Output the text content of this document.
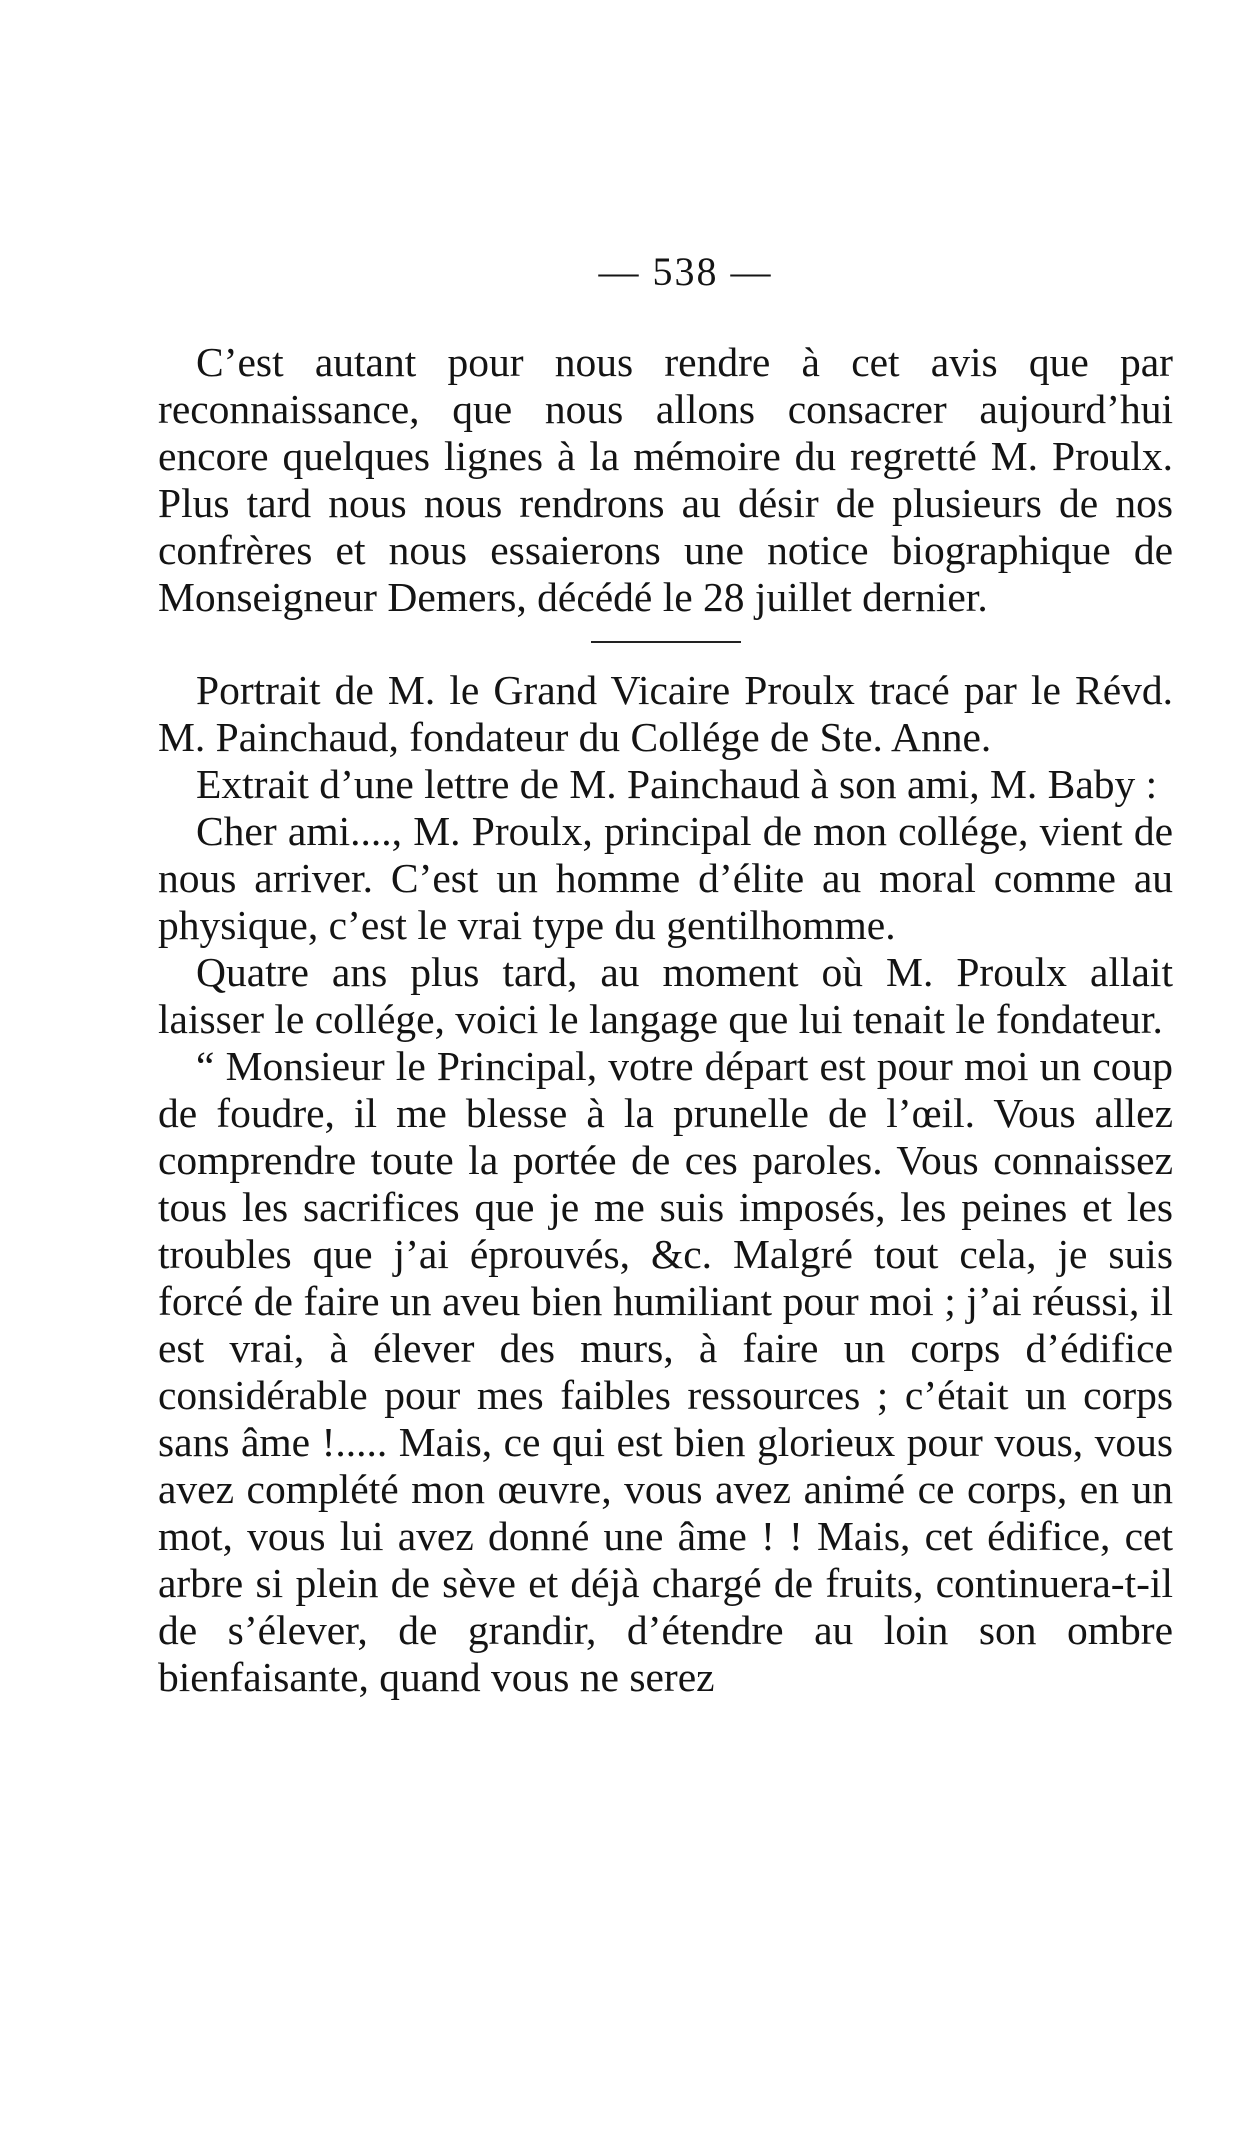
— 538 —

C’est autant pour nous rendre à cet avis que par reconnaissance, que nous allons consacrer aujourd’hui encore quelques lignes à la mémoire du regretté M. Proulx. Plus tard nous nous rendrons au désir de plusieurs de nos confrères et nous essaierons une notice biographique de Monseigneur Demers, décédé le 28 juillet dernier.

Portrait de M. le Grand Vicaire Proulx tracé par le Révd. M. Painchaud, fondateur du Collége de Ste. Anne.

Extrait d’une lettre de M. Painchaud à son ami, M. Baby :

Cher ami...., M. Proulx, principal de mon collége, vient de nous arriver. C’est un homme d’élite au moral comme au physique, c’est le vrai type du gentilhomme.

Quatre ans plus tard, au moment où M. Proulx allait laisser le collége, voici le langage que lui tenait le fondateur.

“ Monsieur le Principal, votre départ est pour moi un coup de foudre, il me blesse à la prunelle de l’œil. Vous allez comprendre toute la portée de ces paroles. Vous connaissez tous les sacrifices que je me suis imposés, les peines et les troubles que j’ai éprouvés, &c. Malgré tout cela, je suis forcé de faire un aveu bien humiliant pour moi ; j’ai réussi, il est vrai, à élever des murs, à faire un corps d’édifice considérable pour mes faibles ressources ; c’était un corps sans âme !..... Mais, ce qui est bien glorieux pour vous, vous avez complété mon œuvre, vous avez animé ce corps, en un mot, vous lui avez donné une âme ! ! Mais, cet édifice, cet arbre si plein de sève et déjà chargé de fruits, continuera-t-il de s’élever, de grandir, d’étendre au loin son ombre bienfaisante, quand vous ne serez
